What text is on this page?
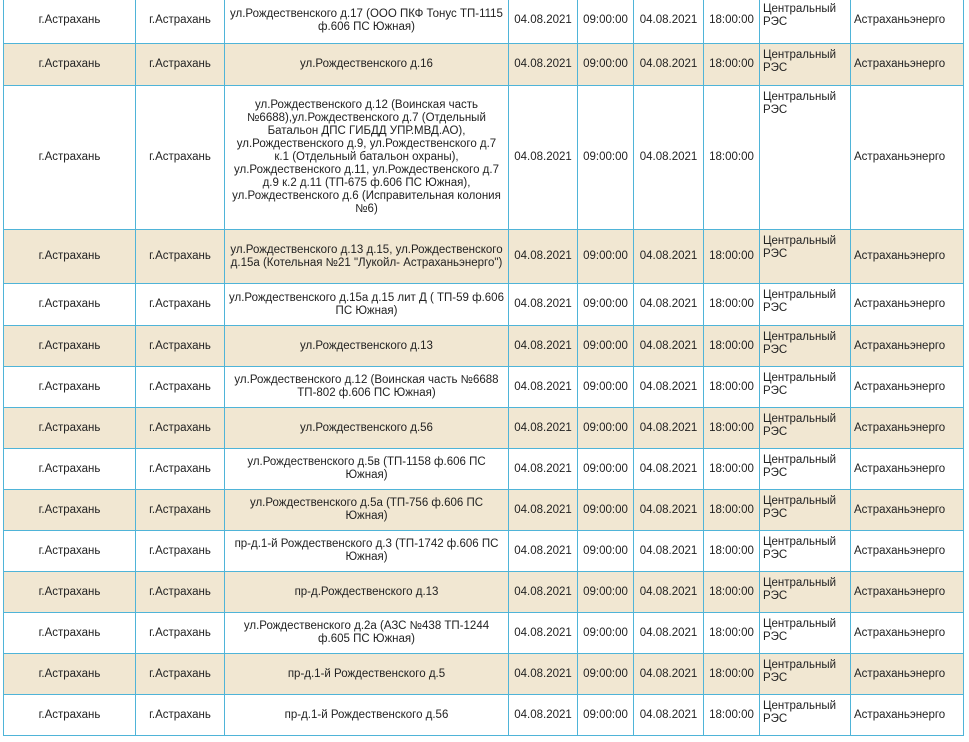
г.Астрахань	г.Астрахань	ул.Рождественского д.17 (ООО ПКФ Тонус ТП-1115 ф.606 ПС Южная)	04.08.2021	09:00:00	04.08.2021	18:00:00	Центральный РЭС	Астраханьэнерго
г.Астрахань	г.Астрахань	ул.Рождественского д.16	04.08.2021	09:00:00	04.08.2021	18:00:00	Центральный РЭС	Астраханьэнерго
г.Астрахань	г.Астрахань	ул.Рождественского д.12 (Воинская часть №6688),ул.Рождественского д.7 (Отдельный Батальон ДПС ГИБДД УПР.МВД.АО), ул.Рождественского д.9, ул.Рождественского д.7 к.1 (Отдельный батальон охраны), ул.Рождественского д.11, ул.Рождественского д.7 д.9 к.2 д.11 (ТП-675 ф.606 ПС Южная), ул.Рождественского д.6 (Исправительная колония №6)	04.08.2021	09:00:00	04.08.2021	18:00:00	Центральный РЭС	Астраханьэнерго
г.Астрахань	г.Астрахань	ул.Рождественского д.13 д.15, ул.Рождественского д.15а (Котельная №21 "Лукойл- Астраханьэнерго")	04.08.2021	09:00:00	04.08.2021	18:00:00	Центральный РЭС	Астраханьэнерго
г.Астрахань	г.Астрахань	ул.Рождественского д.15а д.15 лит Д ( ТП-59 ф.606 ПС Южная)	04.08.2021	09:00:00	04.08.2021	18:00:00	Центральный РЭС	Астраханьэнерго
г.Астрахань	г.Астрахань	ул.Рождественского д.13	04.08.2021	09:00:00	04.08.2021	18:00:00	Центральный РЭС	Астраханьэнерго
г.Астрахань	г.Астрахань	ул.Рождественского д.12 (Воинская часть №6688 ТП-802 ф.606 ПС Южная)	04.08.2021	09:00:00	04.08.2021	18:00:00	Центральный РЭС	Астраханьэнерго
г.Астрахань	г.Астрахань	ул.Рождественского д.56	04.08.2021	09:00:00	04.08.2021	18:00:00	Центральный РЭС	Астраханьэнерго
г.Астрахань	г.Астрахань	ул.Рождественского д.5в (ТП-1158 ф.606 ПС Южная)	04.08.2021	09:00:00	04.08.2021	18:00:00	Центральный РЭС	Астраханьэнерго
г.Астрахань	г.Астрахань	ул.Рождественского д.5а (ТП-756 ф.606 ПС Южная)	04.08.2021	09:00:00	04.08.2021	18:00:00	Центральный РЭС	Астраханьэнерго
г.Астрахань	г.Астрахань	пр-д.1-й Рождественского д.3 (ТП-1742 ф.606 ПС Южная)	04.08.2021	09:00:00	04.08.2021	18:00:00	Центральный РЭС	Астраханьэнерго
г.Астрахань	г.Астрахань	пр-д.Рождественского д.13	04.08.2021	09:00:00	04.08.2021	18:00:00	Центральный РЭС	Астраханьэнерго
г.Астрахань	г.Астрахань	ул.Рождественского д.2а (АЗС №438 ТП-1244 ф.605 ПС Южная)	04.08.2021	09:00:00	04.08.2021	18:00:00	Центральный РЭС	Астраханьэнерго
г.Астрахань	г.Астрахань	пр-д.1-й Рождественского д.5	04.08.2021	09:00:00	04.08.2021	18:00:00	Центральный РЭС	Астраханьэнерго
г.Астрахань	г.Астрахань	пр-д.1-й Рождественского д.56	04.08.2021	09:00:00	04.08.2021	18:00:00	Центральный РЭС	Астраханьэнерго
